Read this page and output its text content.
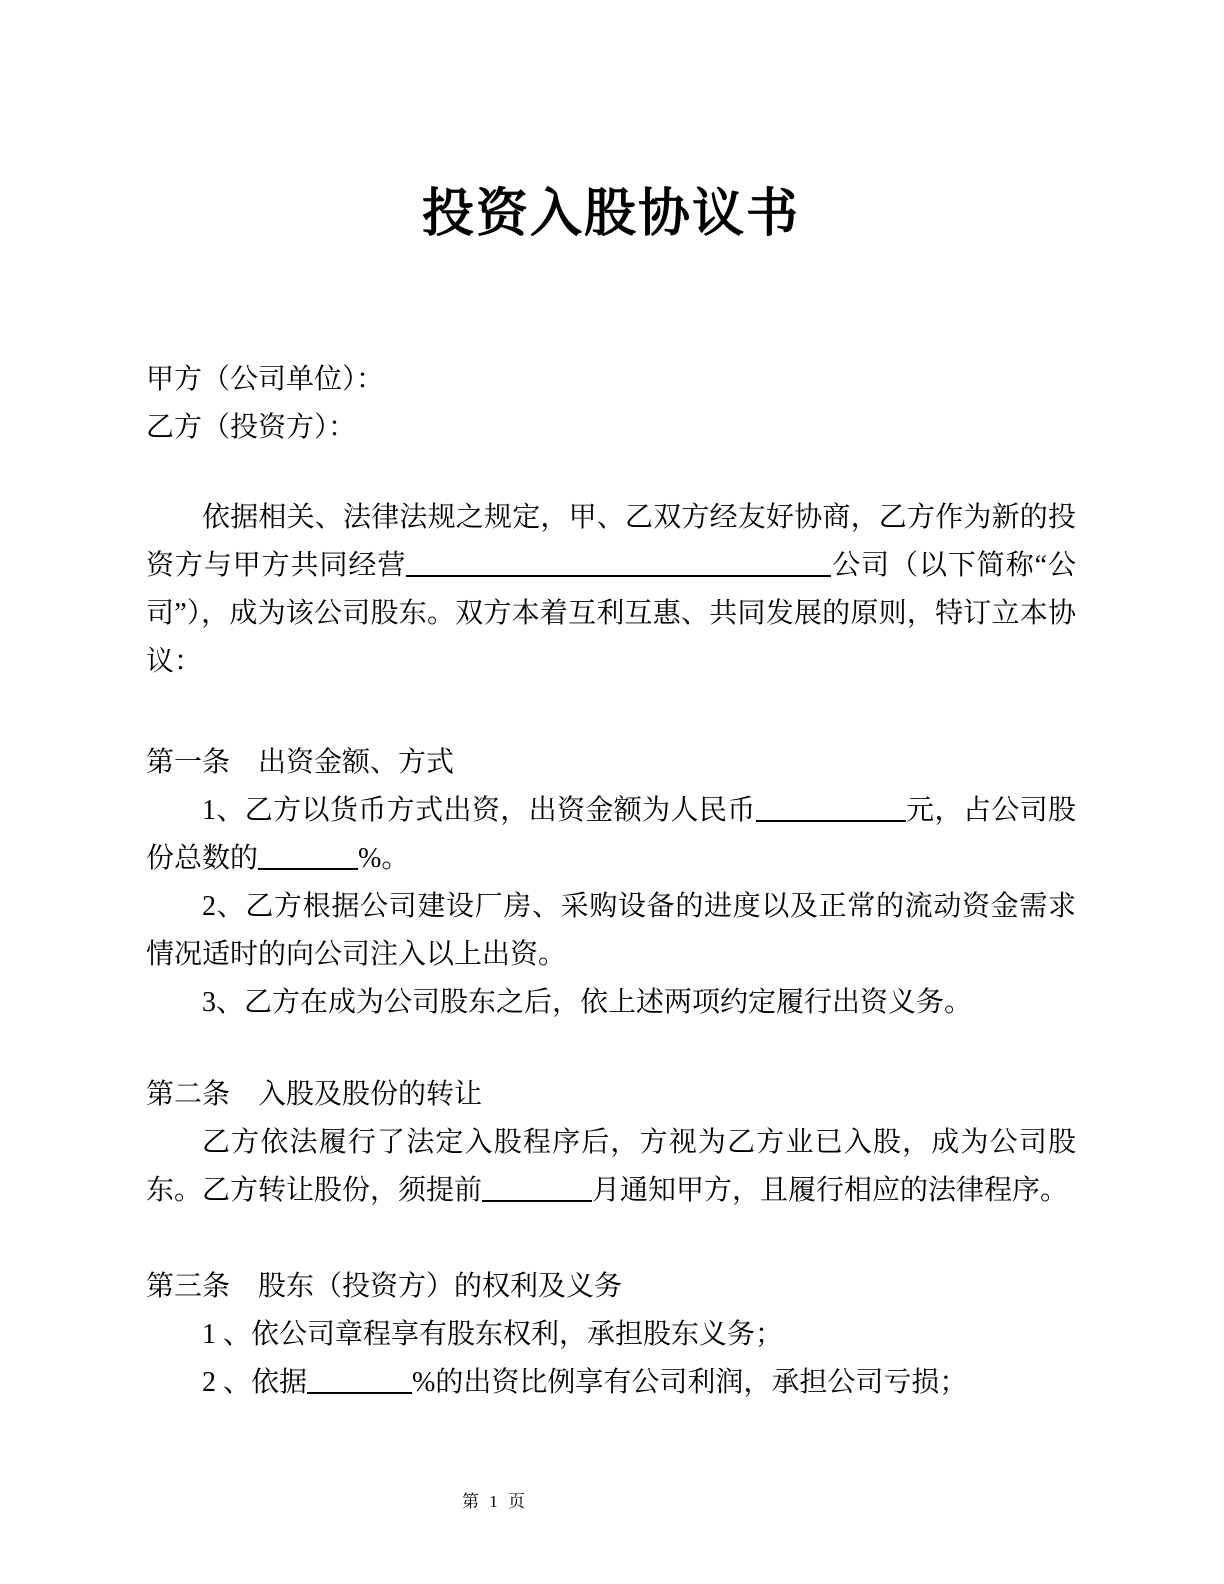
投资入股协议书

甲方（公司单位）：

乙方（投资方）：

依据相关、法律法规之规定，甲、乙双方经友好协商，乙方作为新的投资方与甲方共同经营	公司（以下简称“公司”），成为该公司股东。双方本着互利互惠、共同发展的原则，特订立本协议：

第一条　出资金额、方式

1、乙方以货币方式出资，出资金额为人民币	元，占公司股份总数的	%。

2、乙方根据公司建设厂房、采购设备的进度以及正常的流动资金需求情况适时的向公司注入以上出资。

3、乙方在成为公司股东之后，依上述两项约定履行出资义务。

第二条　入股及股份的转让

乙方依法履行了法定入股程序后，方视为乙方业已入股，成为公司股东。乙方转让股份，须提前	月通知甲方，且履行相应的法律程序。

第三条　股东（投资方）的权利及义务

1 、依公司章程享有股东权利，承担股东义务；

2 、依据	%的出资比例享有公司利润，承担公司亏损；

第 1 页
